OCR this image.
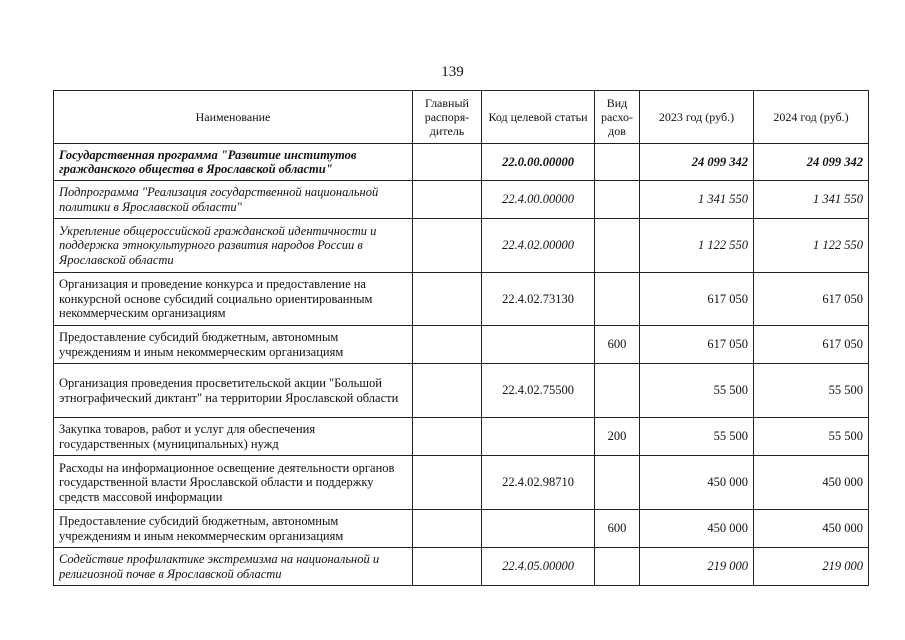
139
Наименование	Главный распоря-дитель	Код целевой статьи	Вид расхо-дов	2023 год (руб.)	2024 год (руб.)
Государственная программа "Развитие институтов гражданского общества в Ярославской области"		22.0.00.00000		24 099 342	24 099 342
Подпрограмма "Реализация государственной национальной политики в Ярославской области"		22.4.00.00000		1 341 550	1 341 550
Укрепление общероссийской гражданской идентичности и поддержка этнокультурного развития народов России в Ярославской области		22.4.02.00000		1 122 550	1 122 550
Организация и проведение конкурса и предоставление на конкурсной основе субсидий социально ориентированным некоммерческим организациям		22.4.02.73130		617 050	617 050
Предоставление субсидий бюджетным, автономным учреждениям и иным некоммерческим организациям			600	617 050	617 050
Организация проведения просветительской акции "Большой этнографический диктант" на территории Ярославской области		22.4.02.75500		55 500	55 500
Закупка товаров, работ и услуг для обеспечения государственных (муниципальных) нужд			200	55 500	55 500
Расходы на информационное освещение деятельности органов государственной власти Ярославской области и поддержку средств массовой информации		22.4.02.98710		450 000	450 000
Предоставление субсидий бюджетным, автономным учреждениям и иным некоммерческим организациям			600	450 000	450 000
Содействие профилактике экстремизма на национальной и религиозной почве в Ярославской области		22.4.05.00000		219 000	219 000
